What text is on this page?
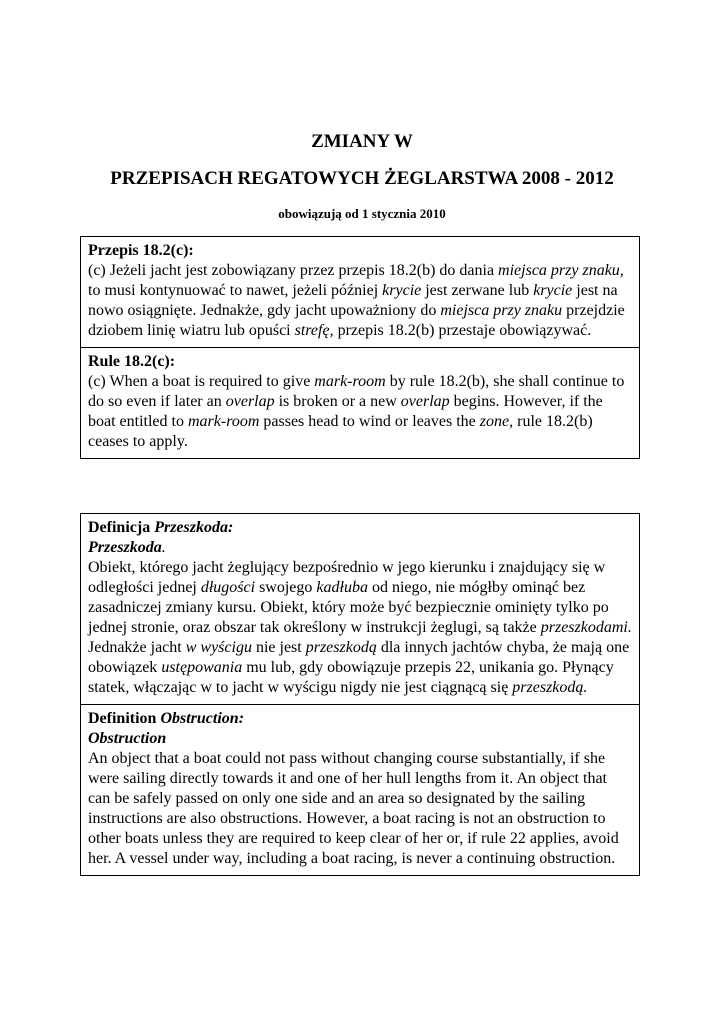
ZMIANY W
PRZEPISACH REGATOWYCH ŻEGLARSTWA 2008 - 2012
obowiązują od 1 stycznia 2010

Przepis 18.2(c):

(c) Jeżeli jacht jest zobowiązany przez przepis 18.2(b) do dania miejsca przy znaku, to musi kontynuować to nawet, jeżeli później krycie jest zerwane lub krycie jest na nowo osiągnięte. Jednakże, gdy jacht upoważniony do miejsca przy znaku przejdzie dziobem linię wiatru lub opuści strefę, przepis 18.2(b) przestaje obowiązywać.

Rule 18.2(c):

(c) When a boat is required to give mark-room by rule 18.2(b), she shall continue to do so even if later an overlap is broken or a new overlap begins. However, if the boat entitled to mark-room passes head to wind or leaves the zone, rule 18.2(b) ceases to apply.

Definicja Przeszkoda:

Przeszkoda.

Obiekt, którego jacht żeglujący bezpośrednio w jego kierunku i znajdujący się w odległości jednej długości swojego kadłuba od niego, nie mógłby ominąć bez zasadniczej zmiany kursu. Obiekt, który może być bezpiecznie ominięty tylko po jednej stronie, oraz obszar tak określony w instrukcji żeglugi, są także przeszkodami. Jednakże jacht w wyścigu nie jest przeszkodą dla innych jachtów chyba, że mają one obowiązek ustępowania mu lub, gdy obowiązuje przepis 22, unikania go. Płynący statek, włączając w to jacht w wyścigu nigdy nie jest ciągnącą się przeszkodą.

Definition Obstruction:

Obstruction

An object that a boat could not pass without changing course substantially, if she were sailing directly towards it and one of her hull lengths from it. An object that can be safely passed on only one side and an area so designated by the sailing instructions are also obstructions. However, a boat racing is not an obstruction to other boats unless they are required to keep clear of her or, if rule 22 applies, avoid her. A vessel under way, including a boat racing, is never a continuing obstruction.
